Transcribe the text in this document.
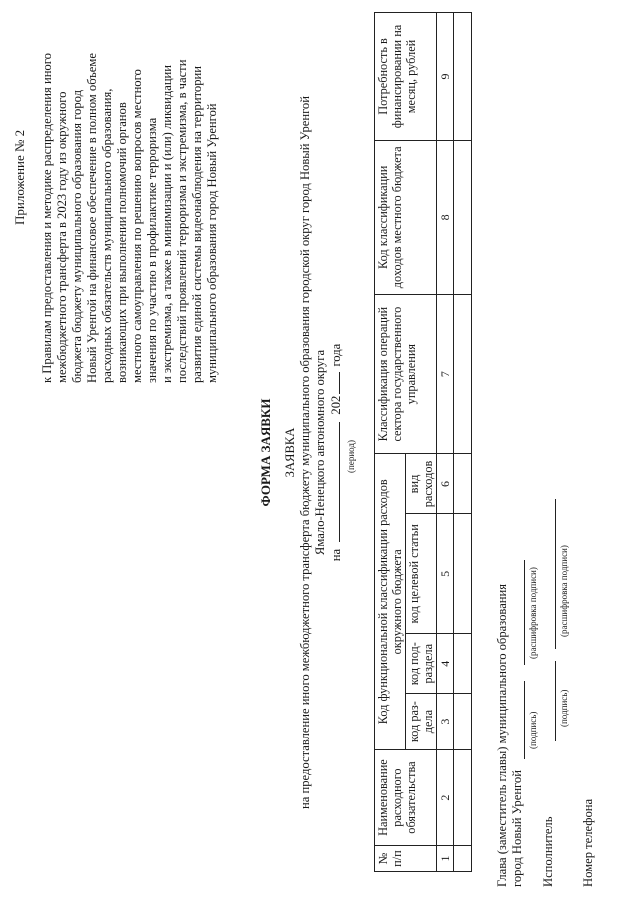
Приложение № 2 к Правилам предоставления и методике распределения иного межбюджетного трансферта в 2023 году из окружного бюджета бюджету муниципального образования город Новый Уренгой на финансовое обеспечение в полном объеме расходных обязательств муниципального образования, возникающих при выполнении полномочий органов местного самоуправления по решению вопросов местного значения по участию в профилактике терроризма и экстремизма, а также в минимизации и (или) ликвидации последствий проявлений терроризма и экстремизма, в части развития единой системы видеонаблюдения на территории муниципального образования город Новый Уренгой
ФОРМА ЗАЯВКИ ЗАЯВКА на предоставление иного межбюджетного трансферта бюджету муниципального образования городской округ город Новый Уренгой Ямало-Ненецкого автономного округа на  202 года
(период)
№ п/п	Наименование расходного обязательства	Код функциональной классификации расходов окружного бюджета				Классификация операций сектора государственного управления	Код классификации доходов местного бюджета	Потребность в финансировании на месяц, рублей
		код раз-дела	код под-раздела	код целевой статьи	вид расходов			
1	2	3	4	5	6	7	8	9

Глава (заместитель главы) муниципального образования город Новый Уренгой
(подпись)
(расшифровка подписи)
Исполнитель
(подпись)
(расшифровка подписи)
Номер телефона
